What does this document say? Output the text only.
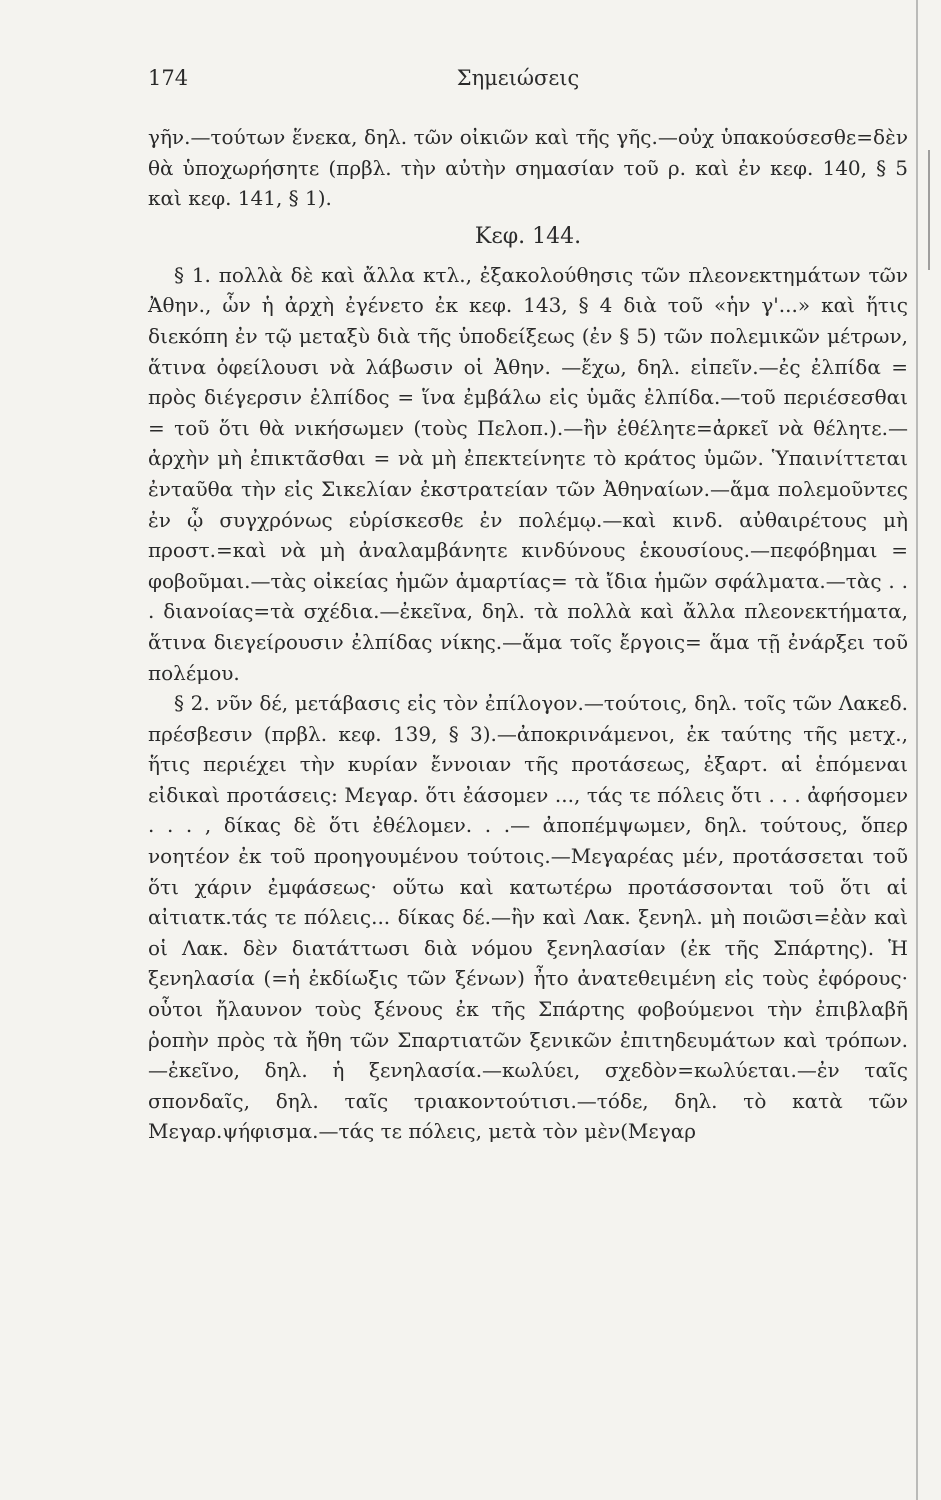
174	Σημειώσεις

γῆν.—τούτων ἕνεκα, δηλ. τῶν οἰκιῶν καὶ τῆς γῆς.—οὐχ ὑπακούσεσθε=δὲν θὰ ὑποχωρήσητε (πρβλ. τὴν αὐτὴν σημασίαν τοῦ ρ. καὶ ἐν κεφ. 140, § 5 καὶ κεφ. 141, § 1).

Κεφ. 144.

§ 1. πολλὰ δὲ καὶ ἄλλα κτλ., ἐξακολούθησις τῶν πλεονεκτημάτων τῶν Ἀθην., ὧν ἡ ἀρχὴ ἐγένετο ἐκ κεφ. 143, § 4 διὰ τοῦ «ἡν γ'...» καὶ ἥτις διεκόπη ἐν τῷ μεταξὺ διὰ τῆς ὑποδείξεως (ἐν § 5) τῶν πολεμικῶν μέτρων, ἅτινα ὀφείλουσι νὰ λάβωσιν οἱ Ἀθην. —ἔχω, δηλ. εἰπεῖν.—ἐς ἐλπίδα = πρὸς διέγερσιν ἐλπίδος = ἵνα ἐμβάλω εἰς ὑμᾶς ἐλπίδα.—τοῦ περιέσεσθαι = τοῦ ὅτι θὰ νικήσωμεν (τοὺς Πελοπ.).—ἢν ἐθέλητε=ἀρκεῖ νὰ θέλητε.—ἀρχὴν μὴ ἐπικτᾶσθαι = νὰ μὴ ἐπεκτείνητε τὸ κράτος ὑμῶν. Ὑπαινίττεται ἐνταῦθα τὴν εἰς Σικελίαν ἐκστρατείαν τῶν Ἀθηναίων.—ἅμα πολεμοῦντες ἐν ᾧ συγχρόνως εὑρίσκεσθε ἐν πολέμῳ.—καὶ κινδ. αὐθαιρέτους μὴ προστ.=καὶ νὰ μὴ ἀναλαμβάνητε κινδύνους ἑκουσίους.—πεφόβημαι = φοβοῦμαι.—τὰς οἰκείας ἡμῶν ἁμαρτίας= τὰ ἴδια ἡμῶν σφάλματα.—τὰς . . . διανοίας=τὰ σχέδια.—ἐκεῖνα, δηλ. τὰ πολλὰ καὶ ἄλλα πλεονεκτήματα, ἅτινα διεγείρουσιν ἐλπίδας νίκης.—ἅμα τοῖς ἔργοις= ἅμα τῇ ἐνάρξει τοῦ πολέμου.

§ 2. νῦν δέ, μετάβασις εἰς τὸν ἐπίλογον.—τούτοις, δηλ. τοῖς τῶν Λακεδ. πρέσβεσιν (πρβλ. κεφ. 139, § 3).—ἀποκρινάμενοι, ἐκ ταύτης τῆς μετχ., ἥτις περιέχει τὴν κυρίαν ἔννοιαν τῆς προτάσεως, ἐξαρτ. αἱ ἑπόμεναι εἰδικαὶ προτάσεις: Μεγαρ. ὅτι ἐάσομεν ..., τάς τε πόλεις ὅτι . . . ἀφήσομεν . . . , δίκας δὲ ὅτι ἐθέλομεν. . .— ἀποπέμψωμεν, δηλ. τούτους, ὅπερ νοητέον ἐκ τοῦ προηγουμένου τούτοις.—Μεγαρέας μέν, προτάσσεται τοῦ ὅτι χάριν ἐμφάσεως· οὕτω καὶ κατωτέρω προτάσσονται τοῦ ὅτι αἱ αἰτιατκ.τάς τε πόλεις... δίκας δέ.—ἢν καὶ Λακ. ξενηλ. μὴ ποιῶσι=ἐὰν καὶ οἱ Λακ. δὲν διατάττωσι διὰ νόμου ξενηλασίαν (ἐκ τῆς Σπάρτης). Ἡ ξενηλασία (=ἡ ἐκδίωξις τῶν ξένων) ἦτο ἀνατεθειμένη εἰς τοὺς ἐφόρους· οὗτοι ἤλαυνον τοὺς ξένους ἐκ τῆς Σπάρτης φοβούμενοι τὴν ἐπιβλαβῆ ῥοπὴν πρὸς τὰ ἤθη τῶν Σπαρτιατῶν ξενικῶν ἐπιτηδευμάτων καὶ τρόπων.—ἐκεῖνο, δηλ. ἡ ξενηλασία.—κωλύει, σχεδὸν=κωλύεται.—ἐν ταῖς σπονδαῖς, δηλ. ταῖς τριακοντούτισι.—τόδε, δηλ. τὸ κατὰ τῶν Μεγαρ.ψήφισμα.—τάς τε πόλεις, μετὰ τὸν μὲν(Μεγαρ
